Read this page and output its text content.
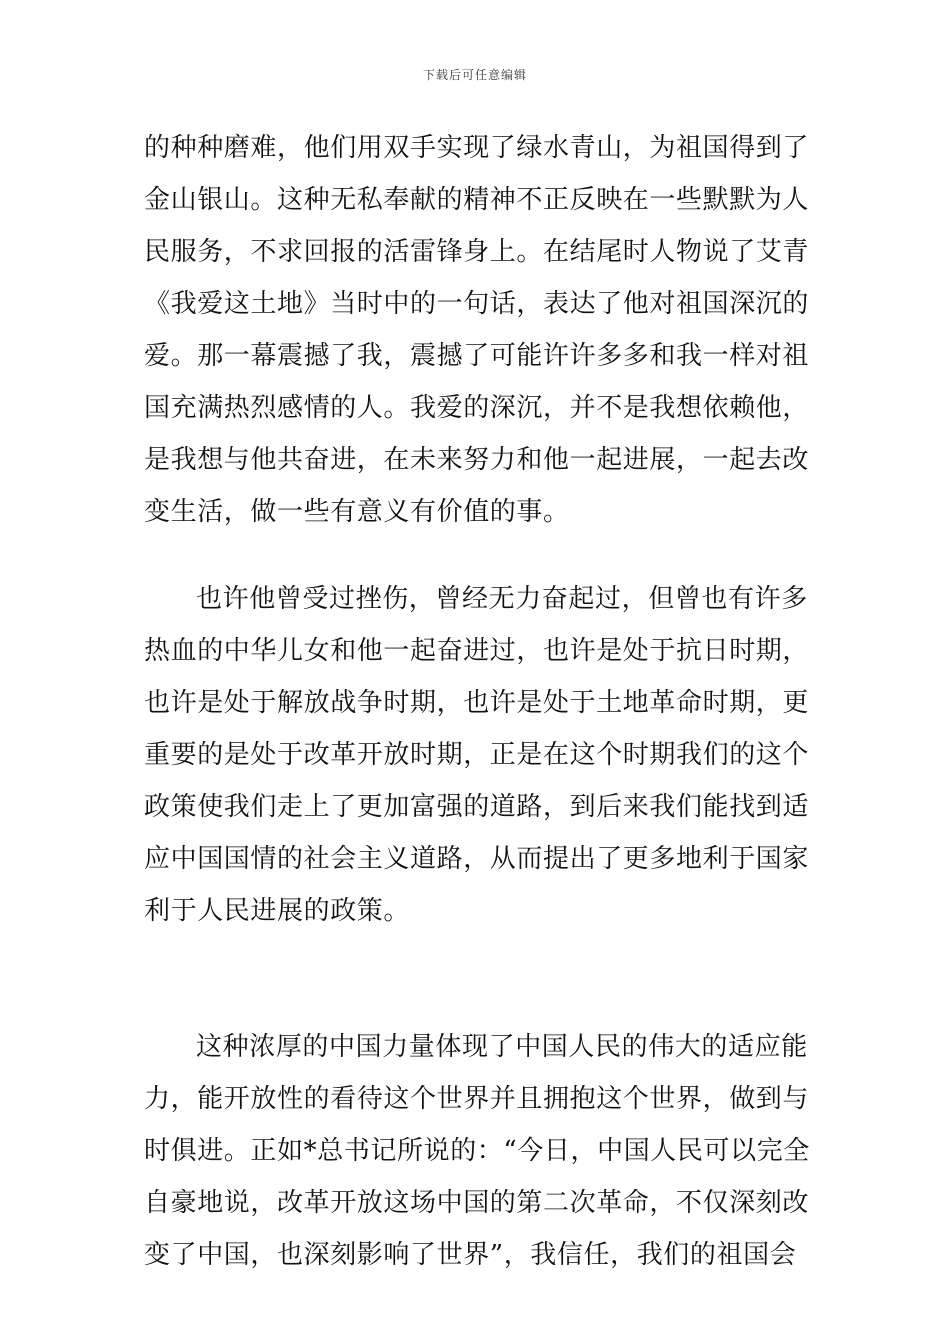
下载后可任意编辑
的种种磨难，他们用双手实现了绿水青山，为祖国得到了
金山银山。这种无私奉献的精神不正反映在一些默默为人
民服务，不求回报的活雷锋身上。在结尾时人物说了艾青
《我爱这土地》当时中的一句话，表达了他对祖国深沉的
爱。那一幕震撼了我，震撼了可能许许多多和我一样对祖
国充满热烈感情的人。我爱的深沉，并不是我想依赖他，
是我想与他共奋进，在未来努力和他一起进展，一起去改
变生活，做一些有意义有价值的事。
也许他曾受过挫伤，曾经无力奋起过，但曾也有许多
热血的中华儿女和他一起奋进过，也许是处于抗日时期，
也许是处于解放战争时期，也许是处于土地革命时期，更
重要的是处于改革开放时期，正是在这个时期我们的这个
政策使我们走上了更加富强的道路，到后来我们能找到适
应中国国情的社会主义道路，从而提出了更多地利于国家
利于人民进展的政策。
这种浓厚的中国力量体现了中国人民的伟大的适应能
力，能开放性的看待这个世界并且拥抱这个世界，做到与
时俱进。正如*总书记所说的：“今日，中国人民可以完全
自豪地说，改革开放这场中国的第二次革命，不仅深刻改
变了中国，也深刻影响了世界”，我信任，我们的祖国会
